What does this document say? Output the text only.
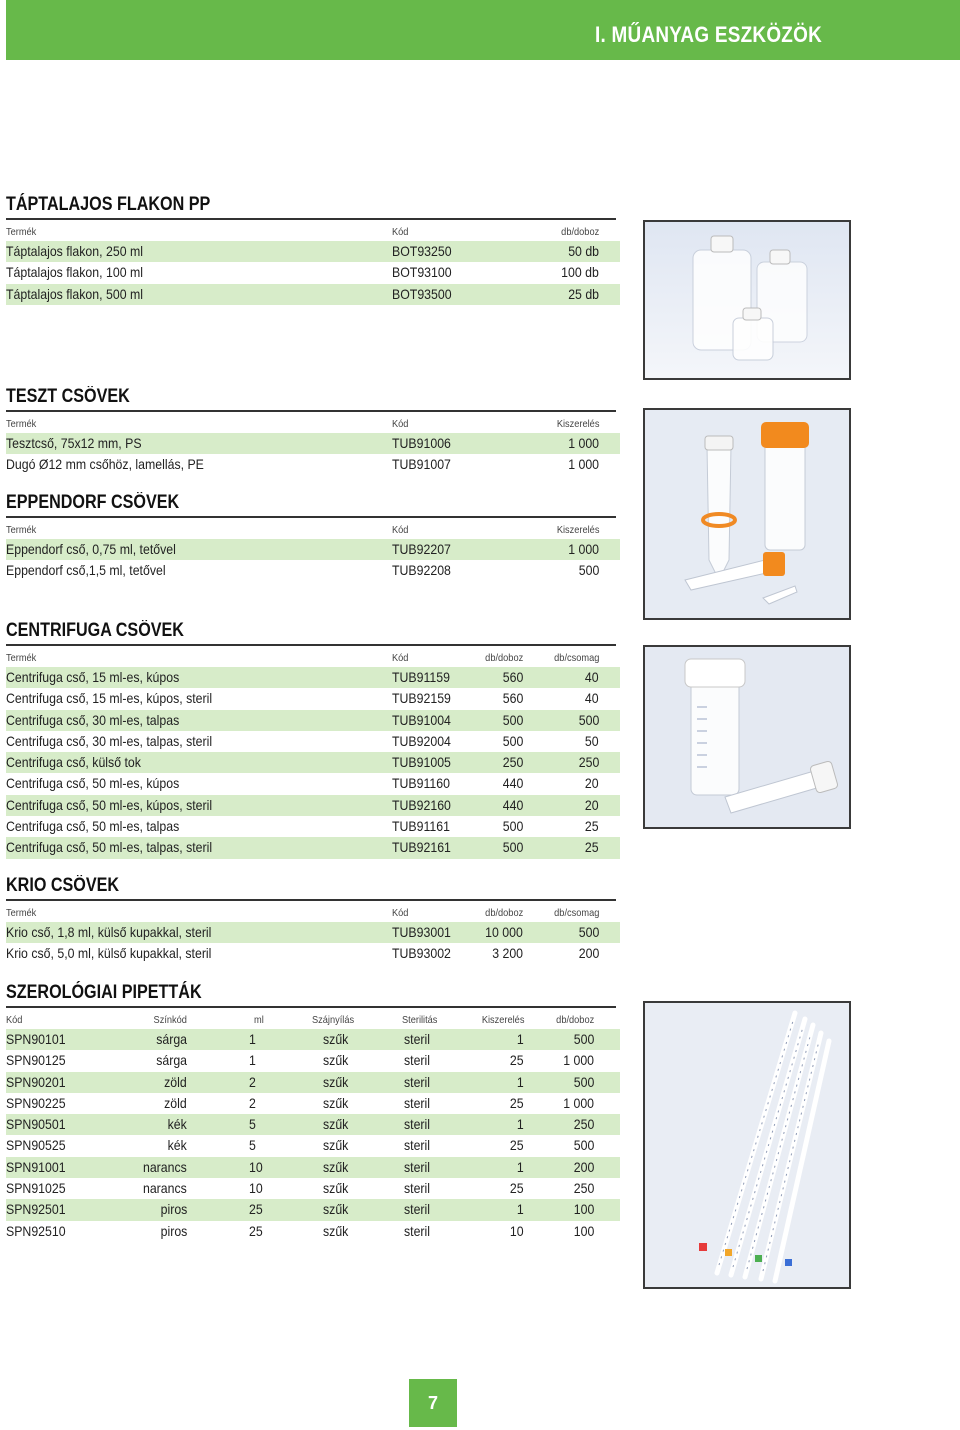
I. MŰANYAG ESZKÖZÖK
TÁPTALAJOS FLAKON PP
Termék	Kód	db/doboz
Táptalajos flakon, 250 ml	BOT93250	50 db
Táptalajos flakon, 100 ml	BOT93100	100 db
Táptalajos flakon, 500 ml	BOT93500	25 db
TESZT CSÖVEK
Termék	Kód	Kiszerelés
Tesztcső, 75x12 mm, PS	TUB91006	1 000
Dugó Ø12 mm csőhöz, lamellás, PE	TUB91007	1 000
EPPENDORF CSÖVEK
Termék	Kód	Kiszerelés
Eppendorf cső, 0,75 ml, tetővel	TUB92207	1 000
Eppendorf cső,1,5 ml, tetővel	TUB92208	500
CENTRIFUGA CSÖVEK
Termék	Kód	db/doboz	db/csomag
Centrifuga cső, 15 ml-es, kúpos	TUB91159	560	40
Centrifuga cső, 15 ml-es, kúpos, steril	TUB92159	560	40
Centrifuga cső, 30 ml-es, talpas	TUB91004	500	500
Centrifuga cső, 30 ml-es, talpas, steril	TUB92004	500	50
Centrifuga cső, külső tok	TUB91005	250	250
Centrifuga cső, 50 ml-es, kúpos	TUB91160	440	20
Centrifuga cső, 50 ml-es, kúpos, steril	TUB92160	440	20
Centrifuga cső, 50 ml-es, talpas	TUB91161	500	25
Centrifuga cső, 50 ml-es, talpas, steril	TUB92161	500	25
KRIO CSÖVEK
Termék	Kód	db/doboz	db/csomag
Krio cső, 1,8 ml, külső kupakkal, steril	TUB93001 10 000	500
Krio cső, 5,0 ml, külső kupakkal, steril	TUB93002	3 200	200
SZEROLÓGIAI PIPETTÁK
Kód	Színkód	ml	Szájnyílás	Sterilitás	Kiszerelés	db/doboz
SPN90101	sárga	1	szűk	steril	1	500
SPN90125	sárga	1	szűk	steril	25	1 000
SPN90201	zöld	2	szűk	steril	1	500
SPN90225	zöld	2	szűk	steril	25	1 000
SPN90501	kék	5	szűk	steril	1	250
SPN90525	kék	5	szűk	steril	25	500
SPN91001	narancs	10	szűk	steril	1	200
SPN91025	narancs	10	szűk	steril	25	250
SPN92501	piros	25	szűk	steril	1	100
SPN92510	piros	25	szűk	steril	10	100
7
